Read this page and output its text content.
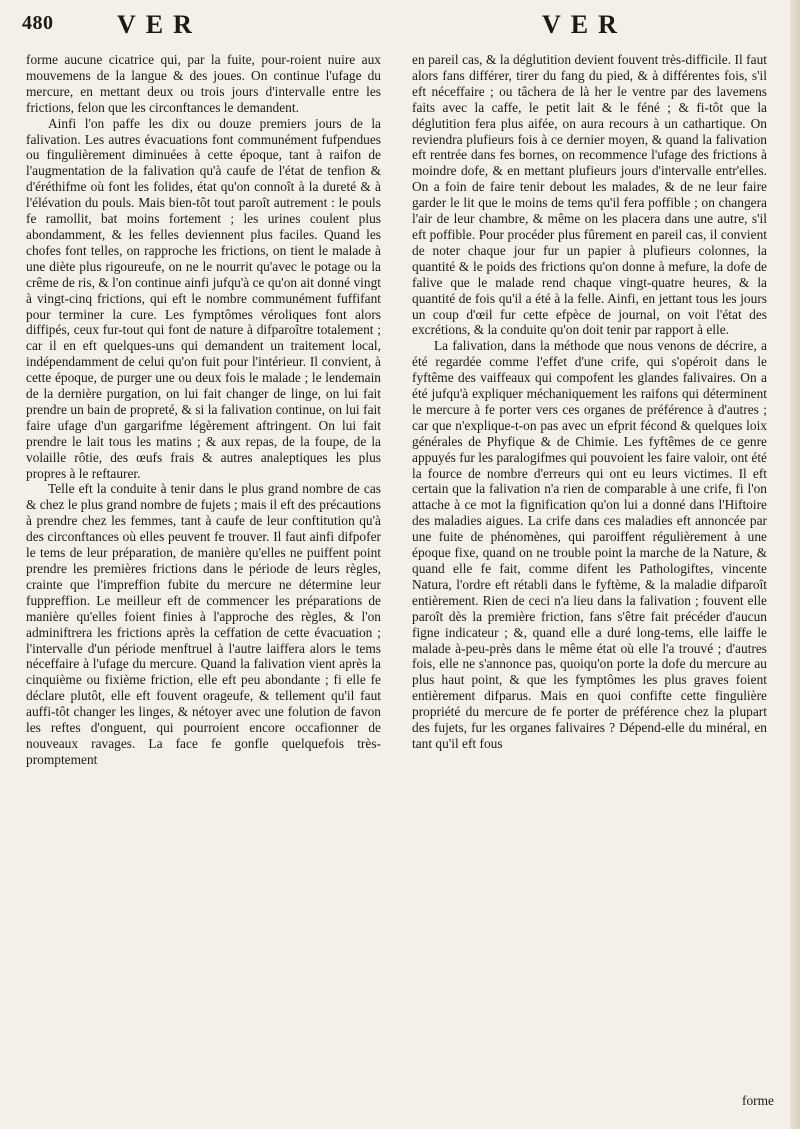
480 VER	VER

forme aucune cicatrice qui, par la fuite, pour-roient nuire aux mouvemens de la langue & des joues. On continue l'ufage du mercure, en mettant deux ou trois jours d'intervalle entre les frictions, felon que les circonftances le demandent.

Ainfi l'on paffe les dix ou douze premiers jours de la falivation. Les autres évacuations font communément fufpendues ou fingulièrement diminuées à cette époque, tant à raifon de l'augmentation de la falivation qu'à caufe de l'état de tenfion & d'éréthifme où font les folides, état qu'on connoît à la dureté & à l'élévation du pouls. Mais bien-tôt tout paroît autrement : le pouls fe ramollit, bat moins fortement ; les urines coulent plus abondamment, & les felles deviennent plus faciles. Quand les chofes font telles, on rapproche les frictions, on tient le malade à une diète plus rigoureufe, on ne le nourrit qu'avec le potage ou la crême de ris, & l'on continue ainfi jufqu'à ce qu'on ait donné vingt à vingt-cinq frictions, qui eft le nombre communément fuffifant pour terminer la cure. Les fymptômes véroliques font alors diffipés, ceux fur-tout qui font de nature à difparoître totalement ; car il en eft quelques-uns qui demandent un traitement local, indépendamment de celui qu'on fuit pour l'intérieur. Il convient, à cette époque, de purger une ou deux fois le malade ; le lendemain de la dernière purgation, on lui fait changer de linge, on lui fait prendre un bain de propreté, & si la falivation continue, on lui fait faire ufage d'un gargarifme légèrement aftringent. On lui fait prendre le lait tous les matins ; & aux repas, de la foupe, de la volaille rôtie, des œufs frais & autres analeptiques les plus propres à le reftaurer.

Telle eft la conduite à tenir dans le plus grand nombre de cas & chez le plus grand nombre de fujets ; mais il eft des précautions à prendre chez les femmes, tant à caufe de leur conftitution qu'à des circonftances où elles peuvent fe trouver. Il faut ainfi difpofer le tems de leur préparation, de manière qu'elles ne puiffent point prendre les premières frictions dans le période de leurs règles, crainte que l'impreffion fubite du mercure ne détermine leur fuppreffion. Le meilleur eft de commencer les préparations de manière qu'elles foient finies à l'approche des règles, & l'on adminiftrera les frictions après la ceffation de cette évacuation ; l'intervalle d'un période menftruel à l'autre laiffera alors le tems néceffaire à l'ufage du mercure. Quand la falivation vient après la cinquième ou fixième friction, elle eft peu abondante ; fi elle fe déclare plutôt, elle eft fouvent orageufe, & tellement qu'il faut auffi-tôt changer les linges, & nétoyer avec une folution de favon les reftes d'onguent, qui pourroient encore occafionner de nouveaux ravages. La face fe gonfle quelquefois très-promptement

en pareil cas, & la déglutition devient fouvent très-difficile. Il faut alors fans différer, tirer du fang du pied, & à différentes fois, s'il eft néceffaire ; ou tâchera de là her le ventre par des lavemens faits avec la caffe, le petit lait & le féné ; & fi-tôt que la déglutition fera plus aifée, on aura recours à un cathartique. On reviendra plufieurs fois à ce dernier moyen, & quand la falivation eft rentrée dans fes bornes, on recommence l'ufage des frictions à moindre dofe, & en mettant plufieurs jours d'intervalle entr'elles. On a foin de faire tenir debout les malades, & de ne leur faire garder le lit que le moins de tems qu'il fera poffible ; on changera l'air de leur chambre, & même on les placera dans une autre, s'il eft poffible. Pour procéder plus fûrement en pareil cas, il convient de noter chaque jour fur un papier à plufieurs colonnes, la quantité & le poids des frictions qu'on donne à mefure, la dofe de falive que le malade rend chaque vingt-quatre heures, & la quantité de fois qu'il a été à la felle. Ainfi, en jettant tous les jours un coup d'œil fur cette efpèce de journal, on voit l'état des excrétions, & la conduite qu'on doit tenir par rapport à elle.

La falivation, dans la méthode que nous venons de décrire, a été regardée comme l'effet d'une crife, qui s'opéroit dans le fyftême des vaiffeaux qui compofent les glandes falivaires. On a été jufqu'à expliquer méchaniquement les raifons qui déterminent le mercure à fe porter vers ces organes de préférence à d'autres ; car que n'explique-t-on pas avec un efprit fécond & quelques loix générales de Phyfique & de Chimie. Les fyftêmes de ce genre appuyés fur les paralogifmes qui pouvoient les faire valoir, ont été la fource de nombre d'erreurs qui ont eu leurs victimes. Il eft certain que la falivation n'a rien de comparable à une crife, fi l'on attache à ce mot la fignification qu'on lui a donné dans l'Hiftoire des maladies aigues. La crife dans ces maladies eft annoncée par une fuite de phénomènes, qui paroiffent régulièrement à une époque fixe, quand on ne trouble point la marche de la Nature, & quand elle fe fait, comme difent les Pathologiftes, vincente Natura, l'ordre eft rétabli dans le fyftème, & la maladie difparoît entièrement. Rien de ceci n'a lieu dans la falivation ; fouvent elle paroît dès la première friction, fans s'être fait précéder d'aucun figne indicateur ; &, quand elle a duré long-tems, elle laiffe le malade à-peu-près dans le même état où elle l'a trouvé ; d'autres fois, elle ne s'annonce pas, quoiqu'on porte la dofe du mercure au plus haut point, & que les fymptômes les plus graves foient entièrement difparus. Mais en quoi confifte cette fingulière propriété du mercure de fe porter de préférence chez la plupart des fujets, fur les organes falivaires ? Dépend-elle du minéral, en tant qu'il eft fous

forme
